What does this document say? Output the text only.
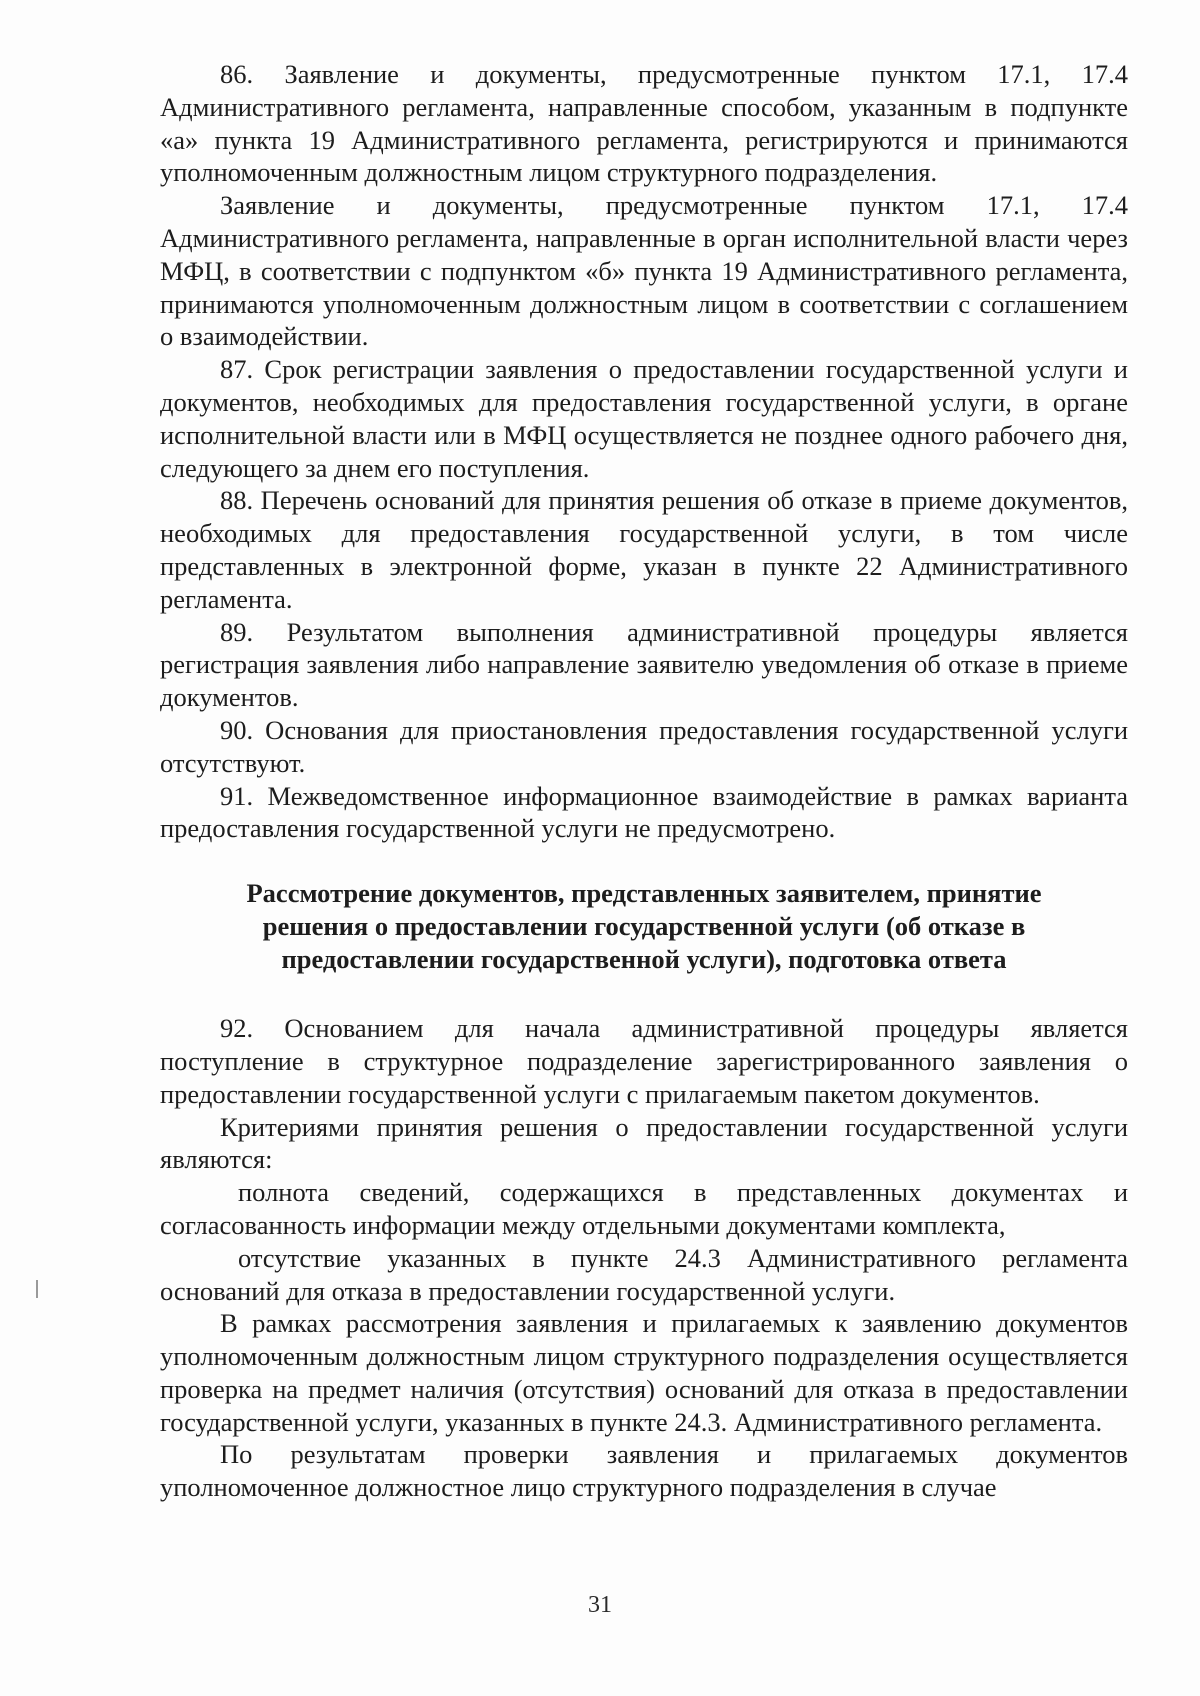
86. Заявление и документы, предусмотренные пунктом 17.1, 17.4 Административного регламента, направленные способом, указанным в подпункте «а» пункта 19 Административного регламента, регистрируются и принимаются уполномоченным должностным лицом структурного подразделения.

Заявление и документы, предусмотренные пунктом 17.1, 17.4 Административного регламента, направленные в орган исполнительной власти через МФЦ, в соответствии с подпунктом «б» пункта 19 Административного регламента, принимаются уполномоченным должностным лицом в соответствии с соглашением о взаимодействии.

87. Срок регистрации заявления о предоставлении государственной услуги и документов, необходимых для предоставления государственной услуги, в органе исполнительной власти или в МФЦ осуществляется не позднее одного рабочего дня, следующего за днем его поступления.

88. Перечень оснований для принятия решения об отказе в приеме документов, необходимых для предоставления государственной услуги, в том числе представленных в электронной форме, указан в пункте 22 Административного регламента.

89. Результатом выполнения административной процедуры является регистрация заявления либо направление заявителю уведомления об отказе в приеме документов.

90. Основания для приостановления предоставления государственной услуги отсутствуют.

91. Межведомственное информационное взаимодействие в рамках варианта предоставления государственной услуги не предусмотрено.

Рассмотрение документов, представленных заявителем, принятие решения о предоставлении государственной услуги (об отказе в предоставлении государственной услуги), подготовка ответа

92. Основанием для начала административной процедуры является поступление в структурное подразделение зарегистрированного заявления о предоставлении государственной услуги с прилагаемым пакетом документов.

Критериями принятия решения о предоставлении государственной услуги являются:

полнота сведений, содержащихся в представленных документах и согласованность информации между отдельными документами комплекта,

отсутствие указанных в пункте 24.3 Административного регламента оснований для отказа в предоставлении государственной услуги.

В рамках рассмотрения заявления и прилагаемых к заявлению документов уполномоченным должностным лицом структурного подразделения осуществляется проверка на предмет наличия (отсутствия) оснований для отказа в предоставлении государственной услуги, указанных в пункте 24.3. Административного регламента.

По результатам проверки заявления и прилагаемых документов уполномоченное должностное лицо структурного подразделения в случае

31
